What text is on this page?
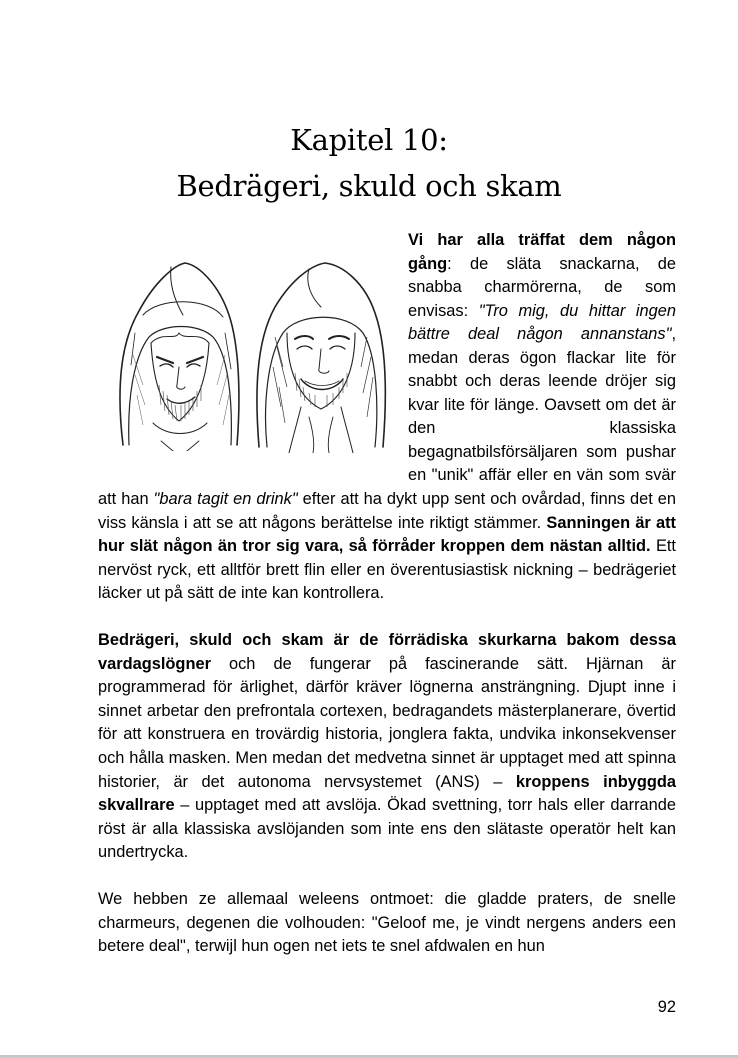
Kapitel 10:
Bedrägeri, skuld och skam

Vi har alla träffat dem någon gång: de släta snackarna, de snabba charmörerna, de som envisas: "Tro mig, du hittar ingen bättre deal någon annanstans", medan deras ögon flackar lite för snabbt och deras leende dröjer sig kvar lite för länge. Oavsett om det är den klassiska begagnatbilsförsäljaren som pushar en "unik" affär eller en vän som svär att han "bara tagit en drink" efter att ha dykt upp sent och ovårdad, finns det en viss känsla i att se att någons berättelse inte riktigt stämmer. Sanningen är att hur slät någon än tror sig vara, så förråder kroppen dem nästan alltid. Ett nervöst ryck, ett alltför brett flin eller en överentusiastisk nickning – bedrägeriet läcker ut på sätt de inte kan kontrollera.

Bedrägeri, skuld och skam är de förrädiska skurkarna bakom dessa vardagslögner och de fungerar på fascinerande sätt. Hjärnan är programmerad för ärlighet, därför kräver lögnerna ansträngning. Djupt inne i sinnet arbetar den prefrontala cortexen, bedragandets mästerplanerare, övertid för att konstruera en trovärdig historia, jonglera fakta, undvika inkonsekvenser och hålla masken. Men medan det medvetna sinnet är upptaget med att spinna historier, är det autonoma nervsystemet (ANS) – kroppens inbyggda skvallrare – upptaget med att avslöja. Ökad svettning, torr hals eller darrande röst är alla klassiska avslöjanden som inte ens den slätaste operatör helt kan undertrycka.

We hebben ze allemaal weleens ontmoet: die gladde praters, de snelle charmeurs, degenen die volhouden: "Geloof me, je vindt nergens anders een betere deal", terwijl hun ogen net iets te snel afdwalen en hun

92
